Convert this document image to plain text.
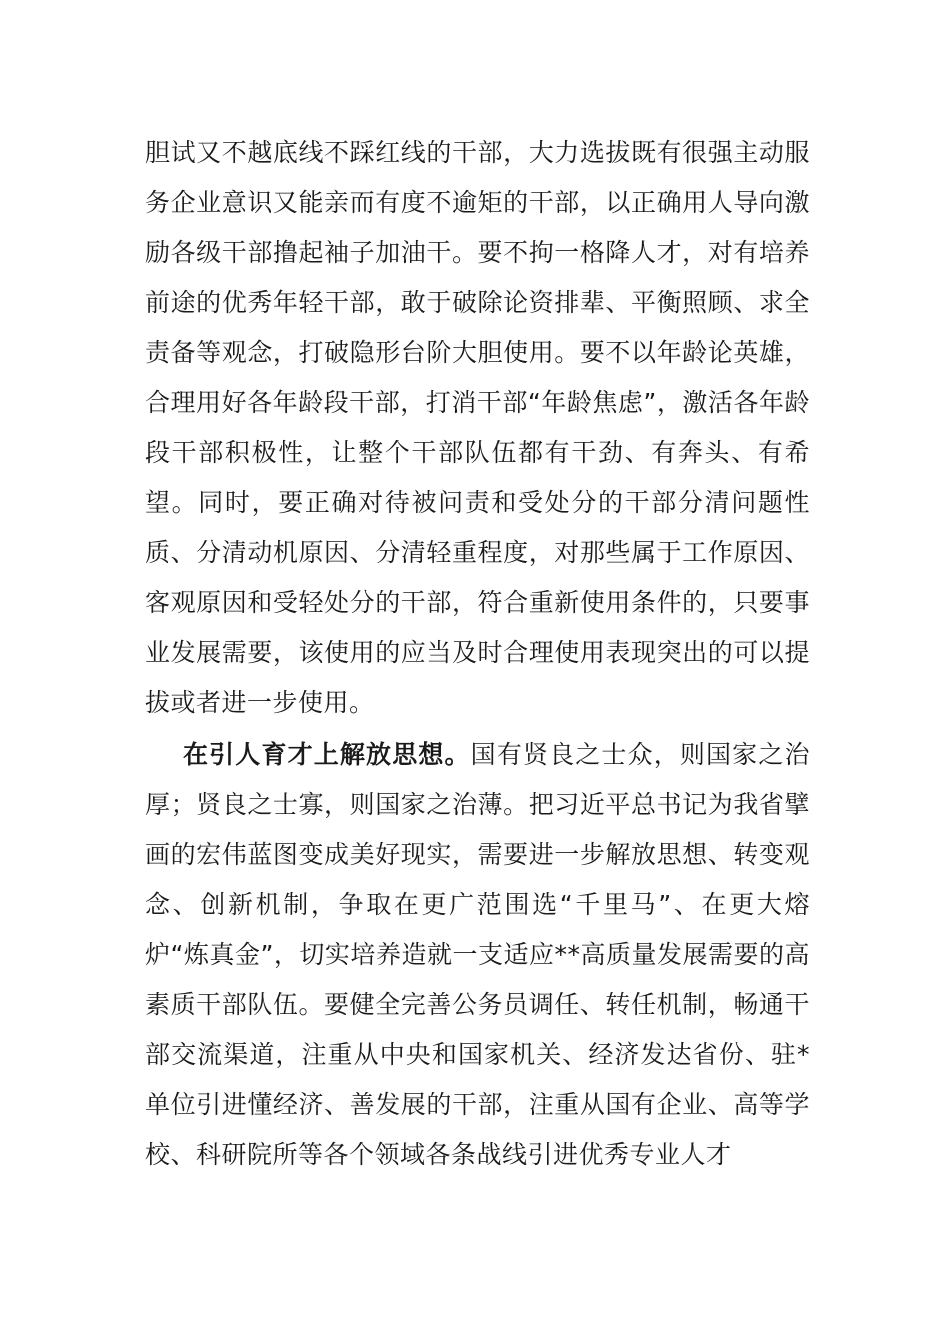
胆试又不越底线不踩红线的干部，大力选拔既有很强主动服务企业意识又能亲而有度不逾矩的干部，以正确用人导向激励各级干部撸起袖子加油干。要不拘一格降人才，对有培养前途的优秀年轻干部，敢于破除论资排辈、平衡照顾、求全责备等观念，打破隐形台阶大胆使用。要不以年龄论英雄，合理用好各年龄段干部，打消干部“年龄焦虑”，激活各年龄段干部积极性，让整个干部队伍都有干劲、有奔头、有希望。同时，要正确对待被问责和受处分的干部分清问题性质、分清动机原因、分清轻重程度，对那些属于工作原因、客观原因和受轻处分的干部，符合重新使用条件的，只要事业发展需要，该使用的应当及时合理使用表现突出的可以提拔或者进一步使用。

在引人育才上解放思想。国有贤良之士众，则国家之治厚；贤良之士寡，则国家之治薄。把习近平总书记为我省擘画的宏伟蓝图变成美好现实，需要进一步解放思想、转变观念、创新机制，争取在更广范围选“千里马”、在更大熔炉“炼真金”，切实培养造就一支适应**高质量发展需要的高素质干部队伍。要健全完善公务员调任、转任机制，畅通干部交流渠道，注重从中央和国家机关、经济发达省份、驻*单位引进懂经济、善发展的干部，注重从国有企业、高等学校、科研院所等各个领域各条战线引进优秀专业人才
